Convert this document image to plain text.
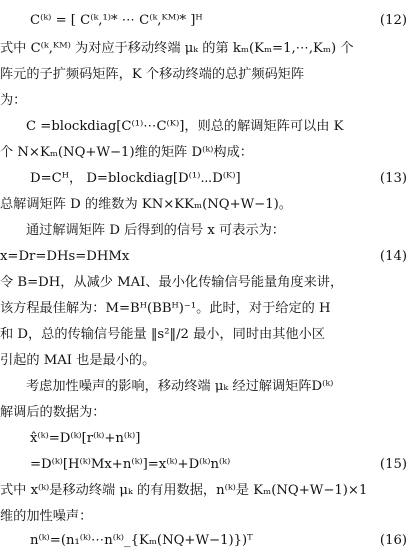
C⁽ᵏ⁾ = [ C⁽ᵏ,¹⁾* ⋯ C⁽ᵏ,ᴷᴹ⁾* ]ᴴ	(12)
式中 C⁽ᵏ,ᴷᴹ⁾ 为对应于移动终端 μₖ 的第 kₘ(Kₘ=1,⋯,Kₘ) 个
阵元的子扩频码矩阵，K 个移动终端的总扩频码矩阵
为：
C =blockdiag[C⁽¹⁾⋯C⁽ᴷ⁾]，则总的解调矩阵可以由 K
个 N×Kₘ(NQ+W−1)维的矩阵 D⁽ᵏ⁾构成：
D=Cᴴ， D=blockdiag[D⁽¹⁾⋯D⁽ᴷ⁾]	(13)
总解调矩阵 D 的维数为 KN×KKₘ(NQ+W−1)。
通过解调矩阵 D 后得到的信号 x 可表示为：
x=Dr=DHs=DHMx	(14)
令 B=DH，从减少 MAI、最小化传输信号能量角度来讲，
该方程最佳解为：M=Bᴴ(BBᴴ)⁻¹。此时，对于给定的 H
和 D，总的传输信号能量 ‖s²‖/2 最小，同时由其他小区
引起的 MAI 也是最小的。
考虑加性噪声的影响，移动终端 μₖ 经过解调矩阵D⁽ᵏ⁾
解调后的数据为：
x̂⁽ᵏ⁾=D⁽ᵏ⁾[r⁽ᵏ⁾+n⁽ᵏ⁾]
=D⁽ᵏ⁾[H⁽ᵏ⁾Mx+n⁽ᵏ⁾]=x⁽ᵏ⁾+D⁽ᵏ⁾n⁽ᵏ⁾	(15)
式中 x⁽ᵏ⁾是移动终端 μₖ 的有用数据，n⁽ᵏ⁾是 Kₘ(NQ+W−1)×1
维的加性噪声：
n⁽ᵏ⁾=(n₁⁽ᵏ⁾⋯n⁽ᵏ⁾_{Kₘ(NQ+W−1)})ᵀ	(16)
